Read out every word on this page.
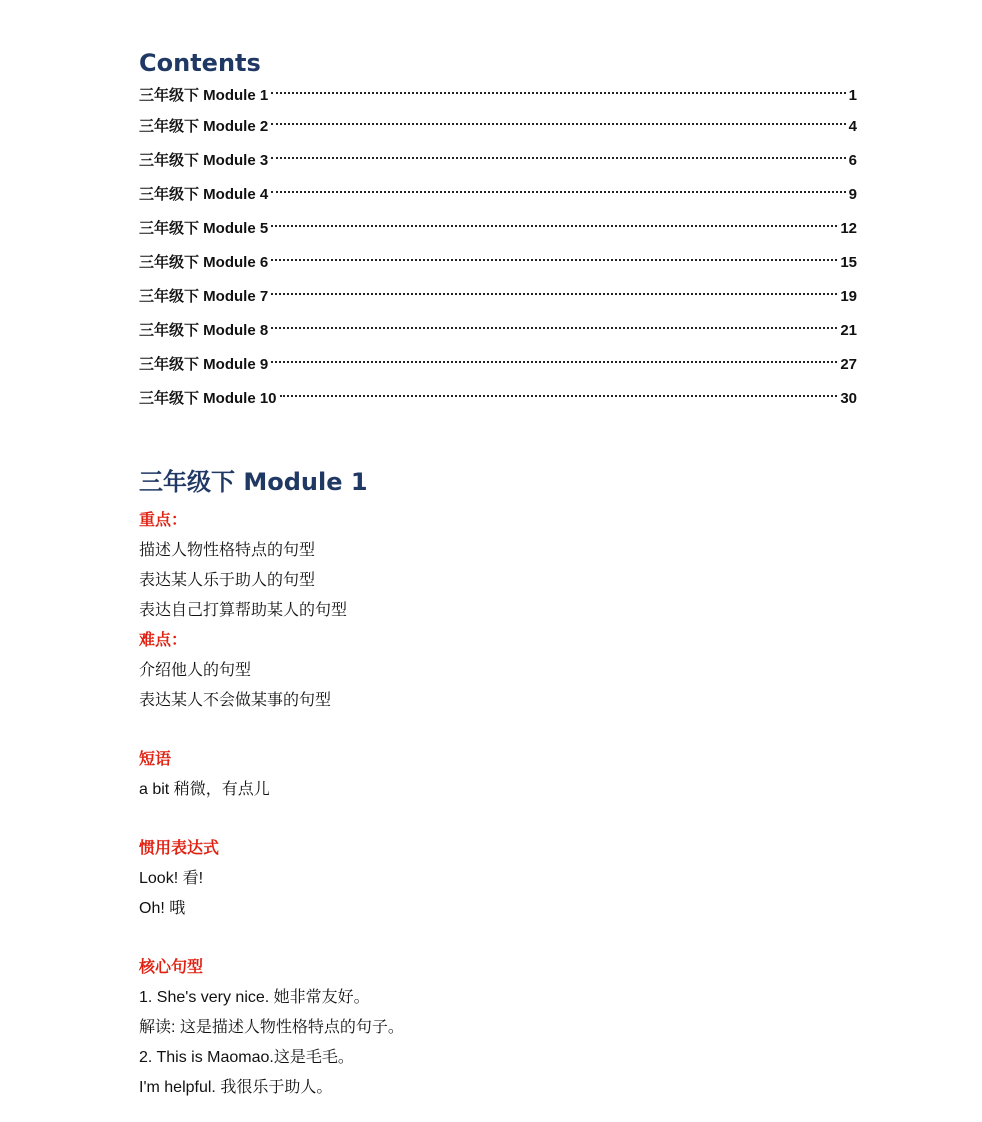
Contents
三年级下 Module 1	1
三年级下 Module 2	4
三年级下 Module 3	6
三年级下 Module 4	9
三年级下 Module 5	12
三年级下 Module 6	15
三年级下 Module 7	19
三年级下 Module 8	21
三年级下 Module 9	27
三年级下 Module 10	30
三年级下 Module 1
重点：
描述人物性格特点的句型
表达某人乐于助人的句型
表达自己打算帮助某人的句型
难点：
介绍他人的句型
表达某人不会做某事的句型
短语
a bit 稍微，有点儿
惯用表达式
Look! 看!
Oh! 哦
核心句型
1. She's very nice. 她非常友好。
解读: 这是描述人物性格特点的句子。
2. This is Maomao.这是毛毛。
I'm helpful. 我很乐于助人。
